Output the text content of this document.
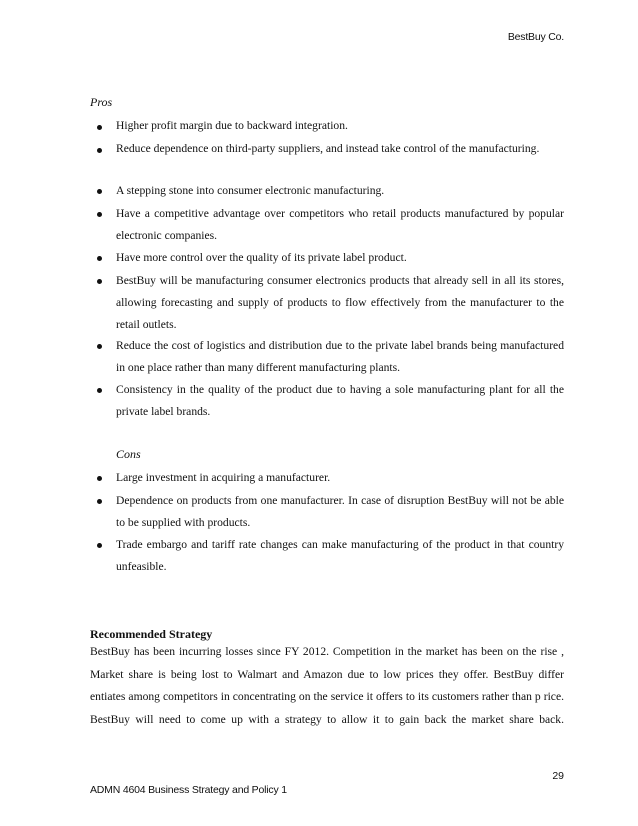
BestBuy Co.
Pros
Higher profit margin due to backward integration.
Reduce dependence on third-party suppliers, and instead take control of the manufacturing.
A stepping stone into consumer electronic manufacturing.
Have a competitive advantage over competitors who retail products manufactured by popular electronic companies.
Have more control over the quality of its private label product.
BestBuy will be manufacturing consumer electronics products that already sell in all its stores, allowing forecasting and supply of products to flow effectively from the manufacturer to the retail outlets.
Reduce the cost of logistics and distribution due to the private label brands being manufactured in one place rather than many different manufacturing plants.
Consistency in the quality of the product due to having a sole manufacturing plant for all the private label brands.
Cons
Large investment in acquiring a manufacturer.
Dependence on products from one manufacturer. In case of disruption BestBuy will not be able to be supplied with products.
Trade embargo and tariff rate changes can make manufacturing of the product in that country unfeasible.
Recommended Strategy
BestBuy has been incurring losses since FY 2012. Competition in the market has been on the rise , Market share is being lost to Walmart and Amazon due to low prices they offer. BestBuy differ entiates among competitors in concentrating on the service it offers to its customers rather than p rice. BestBuy will need to come up with a strategy to allow it to gain back the market share back.
29
ADMN 4604 Business Strategy and Policy 1
